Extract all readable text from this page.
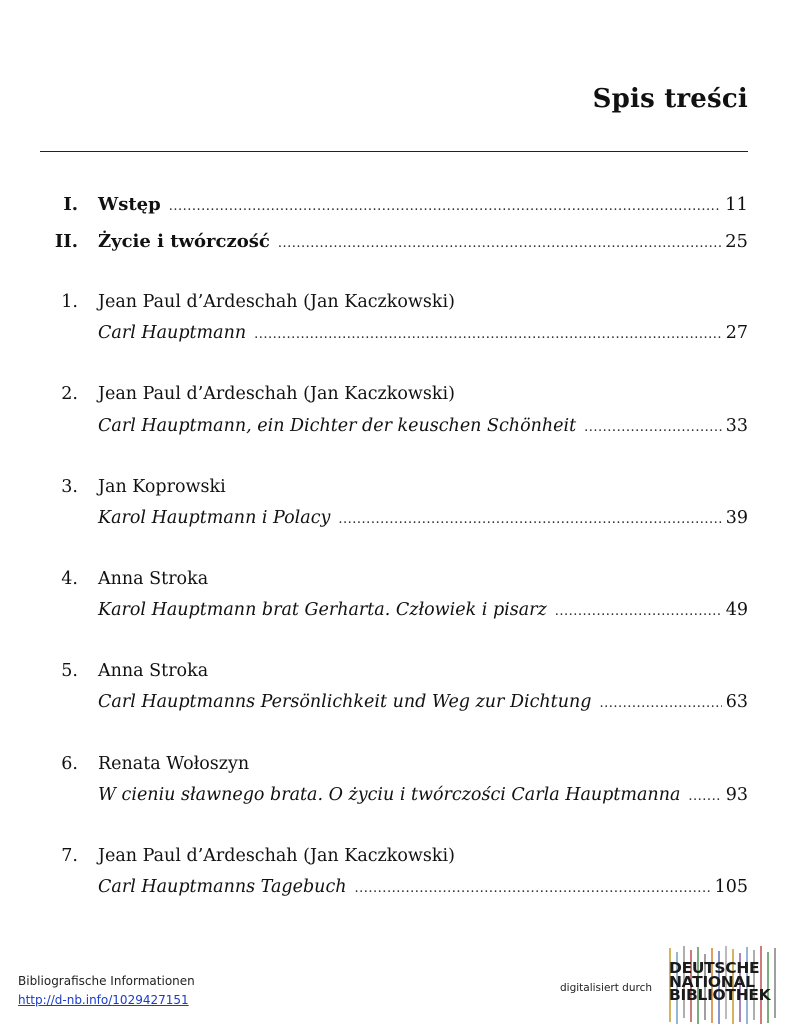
Spis treści
I. Wstęp .....	11
II. Życie i twórczość .....	25
1. Jean Paul d’Ardeschah (Jan Kaczkowski)
Carl Hauptmann .....	27
2. Jean Paul d’Ardeschah (Jan Kaczkowski)
Carl Hauptmann, ein Dichter der keuschen Schönheit .....	33
3. Jan Koprowski
Karol Hauptmann i Polacy .....	39
4. Anna Stroka
Karol Hauptmann brat Gerharta. Człowiek i pisarz .....	49
5. Anna Stroka
Carl Hauptmanns Persönlichkeit und Weg zur Dichtung .....	63
6. Renata Wołoszyn
W cieniu sławnego brata. O życiu i twórczości Carla Hauptmanna .....	93
7. Jean Paul d’Ardeschah (Jan Kaczkowski)
Carl Hauptmanns Tagebuch .....	105
Bibliografische Informationen
http://d-nb.info/1029427151
digitalisiert durch
DEUTSCHE
NATIONAL
BIBLIOTHEK
